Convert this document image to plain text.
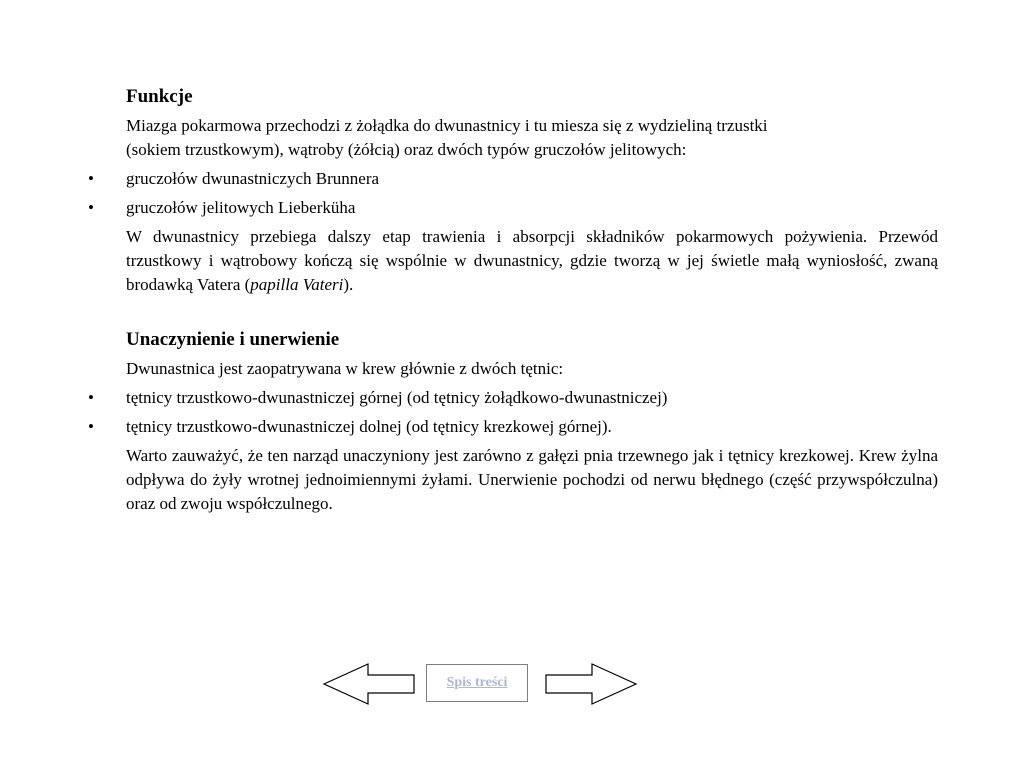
Funkcje

Miazga pokarmowa przechodzi z żołądka do dwunastnicy i tu miesza się z wydzieliną trzustki
(sokiem trzustkowym), wątroby (żółcią) oraz dwóch typów gruczołów jelitowych:

• gruczołów dwunastniczych Brunnera
• gruczołów jelitowych Lieberküha

W dwunastnicy przebiega dalszy etap trawienia i absorpcji składników pokarmowych pożywienia. Przewód trzustkowy i wątrobowy kończą się wspólnie w dwunastnicy, gdzie tworzą w jej świetle małą wyniosłość, zwaną brodawką Vatera (papilla Vateri).

Unaczynienie i unerwienie

Dwunastnica jest zaopatrywana w krew głównie z dwóch tętnic:

• tętnicy trzustkowo-dwunastniczej górnej (od tętnicy żołądkowo-dwunastniczej)
• tętnicy trzustkowo-dwunastniczej dolnej (od tętnicy krezkowej górnej).

Warto zauważyć, że ten narząd unaczyniony jest zarówno z gałęzi pnia trzewnego jak i tętnicy krezkowej. Krew żylna odpływa do żyły wrotnej jednoimiennymi żyłami. Unerwienie pochodzi od nerwu błędnego (część przywspółczulna) oraz od zwoju współczulnego.

Spis treści
